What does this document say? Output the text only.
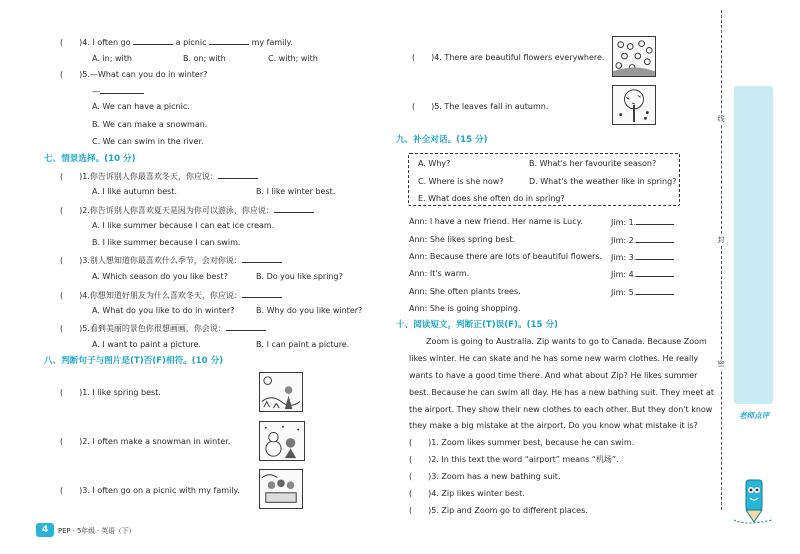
( )4. I often go	a picnic	my family.
A. in; with	B. on; with	C. with; with
( )5.—What can you do in winter?
—
A. We can have a picnic.
B. We can make a snowman.
C. We can swim in the river.
七、情景选择。(10 分)
( )1.你告诉别人你最喜欢冬天，你应说：
A. I like autumn best.	B. I like winter best.
( )2.你告诉别人你喜欢夏天是因为你可以游泳，你应说：
A. I like summer because I can eat ice cream.
B. I like summer because I can swim.
( )3.别人想知道你最喜欢什么季节，会对你说：
A. Which season do you like best?	B. Do you like spring?
( )4.你想知道好朋友为什么喜欢冬天，你应说：
A. What do you like to do in winter?	B. Why do you like winter?
( )5.看到美丽的景色你很想画画，你会说：
A. I want to paint a picture.	B. I can paint a picture.
八、判断句子与图片是(T)否(F)相符。(10 分)
( )1. I like spring best.
( )2. I often make a snowman in winter.
( )3. I often go on a picnic with my family.
4	PEP · 5年级 · 英语（下）
( )4. There are beautiful flowers everywhere.
( )5. The leaves fall in autumn.
九、补全对话。(15 分)
A. Why?	B. What's her favourite season?
C. Where is she now?	D. What's the weather like in spring?
E. What does she often do in spring?
Ann: I have a new friend. Her name is Lucy.	Jim: 1.
Ann: She likes spring best.	Jim: 2.
Ann: Because there are lots of beautiful flowers. Jim: 3.
Ann: It's warm.	Jim: 4.
Ann: She often plants trees.	Jim: 5.
Ann: She is going shopping.
十、阅读短文，判断正(T)误(F)。(15 分)
Zoom is going to Australia. Zip wants to go to Canada. Because Zoom
likes winter. He can skate and he has some new warm clothes. He really
wants to have a good time there. And what about Zip? He likes summer
best. Because he can swim all day. He has a new bathing suit. They meet at
the airport. They show their new clothes to each other. But they don't know
they make a big mistake at the airport. Do you know what mistake it is?
( )1. Zoom likes summer best, because he can swim.
( )2. In this text the word “airport” means “机场”.
( )3. Zoom has a new bathing suit.
( )4. Zip likes winter best.
( )5. Zip and Zoom go to different places.
线
封
密
老师点评
